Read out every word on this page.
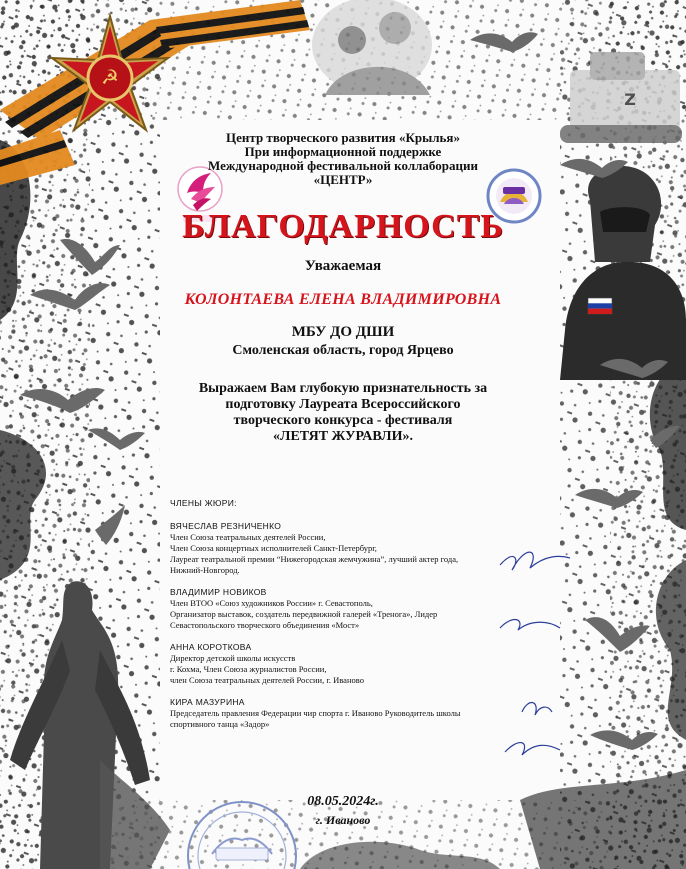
☭
Z
Центр творческого развития «Крылья»
При информационной поддержке
Международной фестивальной коллаборации
«ЦЕНТР»
БЛАГОДАРНОСТЬ
Уважаемая
КОЛОНТАЕВА ЕЛЕНА ВЛАДИМИРОВНА
МБУ ДО ДШИ
Смоленская область, город Ярцево
Выражаем Вам глубокую признательность за
подготовку Лауреата Всероссийского
творческого конкурса - фестиваля
«ЛЕТЯТ ЖУРАВЛИ».
ЧЛЕНЫ ЖЮРИ:
ВЯЧЕСЛАВ РЕЗНИЧЕНКО
Член Союза театральных деятелей России,
Член Союза концертных исполнителей Санкт-Петербург,
Лауреат театральной премии “Нижегородская жемчужина”, лучший актер года,
Нижний-Новгород.
ВЛАДИМИР НОВИКОВ
Член ВТОО «Союз художников России» г. Севастополь,
Организатор выставок, создатель передвижной галерей «Тренога», Лидер
Севастопольского творческого объединения «Мост»
АННА КОРОТКОВА
Директор детской школы искусств
г. Кохма, Член Союза журналистов России,
член Союза театральных деятелей России, г. Иваново
КИРА МАЗУРИНА
Председатель правления Федерации чир спорта г. Иваново Руководитель школы
спортивного танца «Задор»
08.05.2024г.
г. Иваново
